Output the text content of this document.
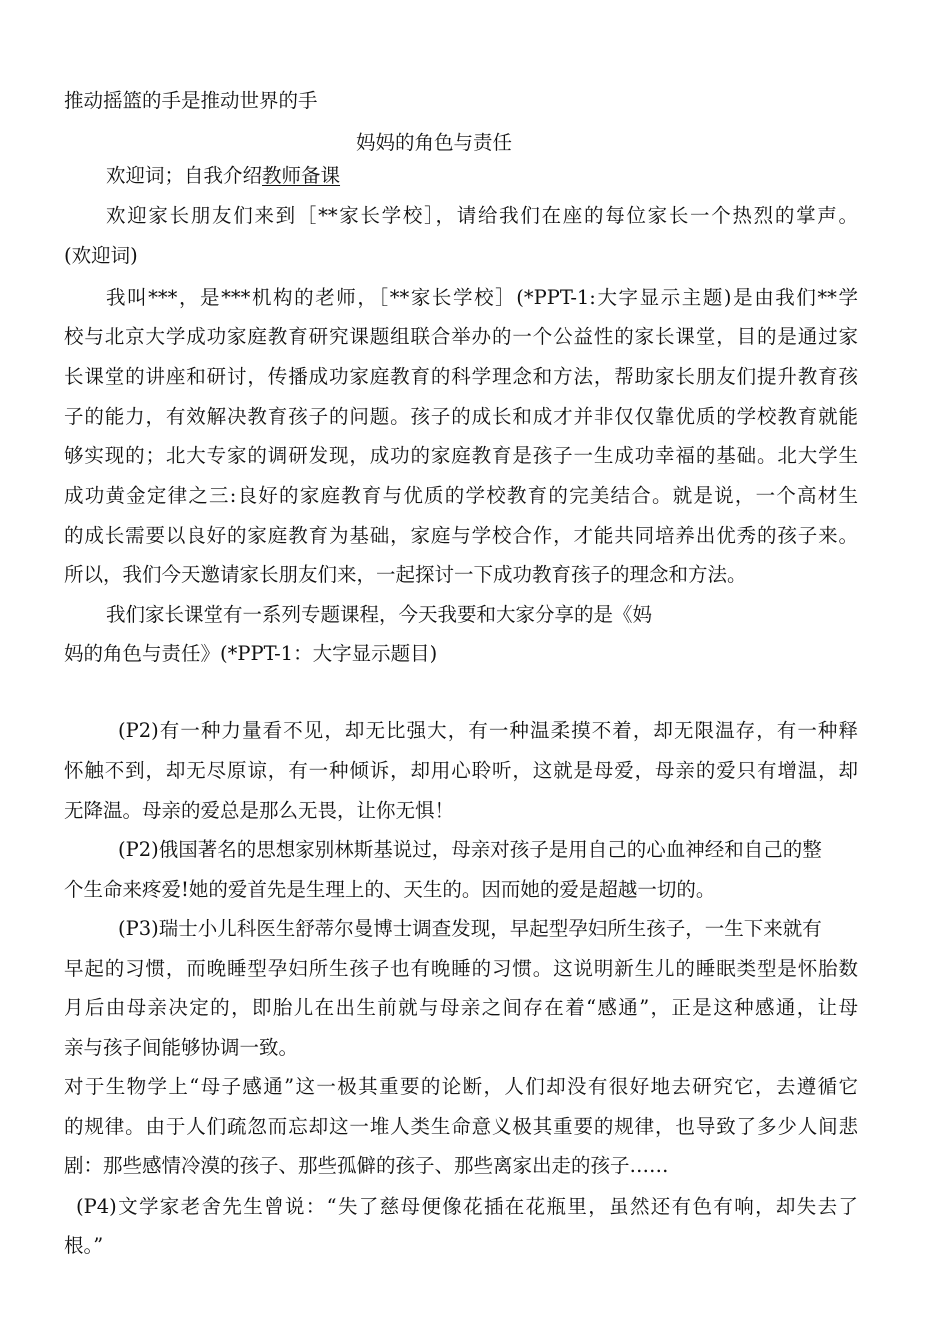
推动摇篮的手是推动世界的手
妈妈的角色与责任
欢迎词；自我介绍教师备课
欢迎家长朋友们来到［**家长学校］，请给我们在座的每位家长一个热烈的掌声。
(欢迎词)
我叫***，是***机构的老师，［**家长学校］(*PPT-1:大字显示主题)是由我们**学
校与北京大学成功家庭教育研究课题组联合举办的一个公益性的家长课堂，目的是通过家
长课堂的讲座和研讨，传播成功家庭教育的科学理念和方法，帮助家长朋友们提升教育孩
子的能力，有效解决教育孩子的问题。孩子的成长和成才并非仅仅靠优质的学校教育就能
够实现的；北大专家的调研发现，成功的家庭教育是孩子一生成功幸福的基础。北大学生
成功黄金定律之三:良好的家庭教育与优质的学校教育的完美结合。就是说，一个高材生
的成长需要以良好的家庭教育为基础，家庭与学校合作，才能共同培养出优秀的孩子来。
所以，我们今天邀请家长朋友们来，一起探讨一下成功教育孩子的理念和方法。
我们家长课堂有一系列专题课程，今天我要和大家分享的是《妈
妈的角色与责任》(*PPT-1：大字显示题目)
(P2)有一种力量看不见，却无比强大，有一种温柔摸不着，却无限温存，有一种释
怀触不到，却无尽原谅，有一种倾诉，却用心聆听，这就是母爱，母亲的爱只有增温，却
无降温。母亲的爱总是那么无畏，让你无惧！
(P2)俄国著名的思想家别林斯基说过，母亲对孩子是用自己的心血神经和自己的整
个生命来疼爱!她的爱首先是生理上的、天生的。因而她的爱是超越一切的。
(P3)瑞士小儿科医生舒蒂尔曼博士调查发现，早起型孕妇所生孩子，一生下来就有
早起的习惯，而晚睡型孕妇所生孩子也有晚睡的习惯。这说明新生儿的睡眠类型是怀胎数
月后由母亲决定的，即胎儿在出生前就与母亲之间存在着“感通”，正是这种感通，让母
亲与孩子间能够协调一致。
对于生物学上“母子感通”这一极其重要的论断，人们却没有很好地去研究它，去遵循它
的规律。由于人们疏忽而忘却这一堆人类生命意义极其重要的规律，也导致了多少人间悲
剧：那些感情冷漠的孩子、那些孤僻的孩子、那些离家出走的孩子……
(P4)文学家老舍先生曾说：“失了慈母便像花插在花瓶里，虽然还有色有响，却失去了
根。”
